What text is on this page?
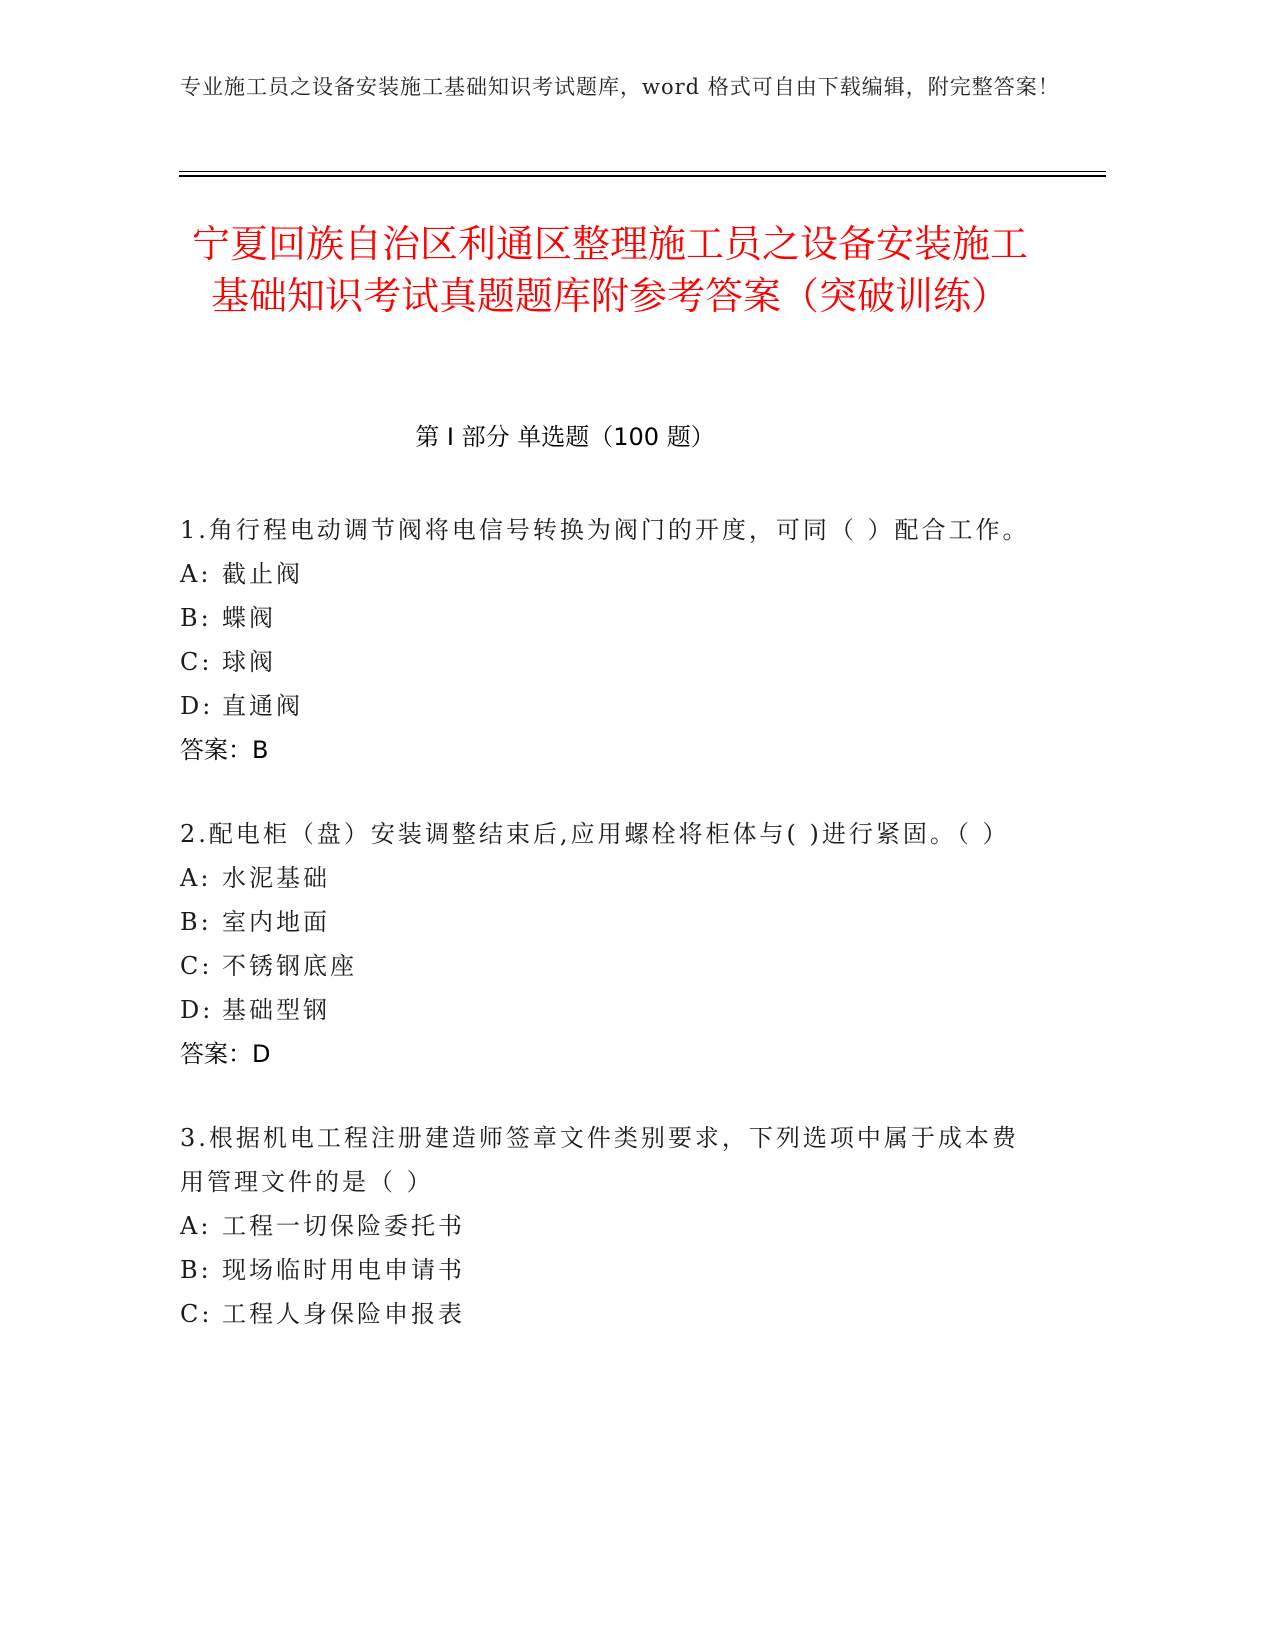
专业施工员之设备安装施工基础知识考试题库，word 格式可自由下载编辑，附完整答案！
宁夏回族自治区利通区整理施工员之设备安装施工基础知识考试真题题库附参考答案（突破训练）
第 I 部分 单选题（100 题）
1.角行程电动调节阀将电信号转换为阀门的开度，可同（ ）配合工作。
A: 截止阀
B: 蝶阀
C: 球阀
D: 直通阀
答案：B
2.配电柜（盘）安装调整结束后,应用螺栓将柜体与( )进行紧固。（ ）
A: 水泥基础
B: 室内地面
C: 不锈钢底座
D: 基础型钢
答案：D
3.根据机电工程注册建造师签章文件类别要求，下列选项中属于成本费用管理文件的是（ ）
A: 工程一切保险委托书
B: 现场临时用电申请书
C: 工程人身保险申报表
